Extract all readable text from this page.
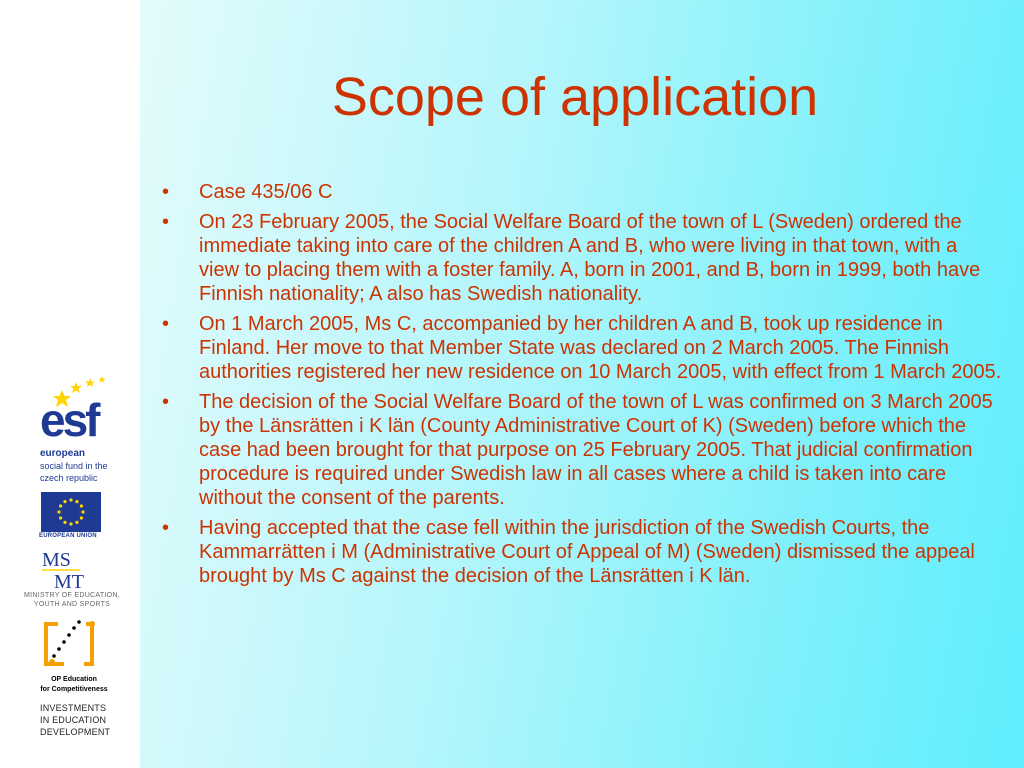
Scope of application
• Case 435/06 C
• On 23 February 2005, the Social Welfare Board of the town of L (Sweden) ordered the immediate taking into care of the children A and B, who were living in that town, with a view to placing them with a foster family. A, born in 2001, and B, born in 1999, both have Finnish nationality; A also has Swedish nationality.
• On 1 March 2005, Ms C, accompanied by her children A and B, took up residence in Finland. Her move to that Member State was declared on 2 March 2005. The Finnish authorities registered her new residence on 10 March 2005, with effect from 1 March 2005.
• The decision of the Social Welfare Board of the town of L was confirmed on 3 March 2005 by the Länsrätten i K län (County Administrative Court of K) (Sweden) before which the case had been brought for that purpose on 25 February 2005. That judicial confirmation procedure is required under Swedish law in all cases where a child is taken into care without the consent of the parents.
• Having accepted that the case fell within the jurisdiction of the Swedish Courts, the Kammarrätten i M (Administrative Court of Appeal of M) (Sweden) dismissed the appeal brought by Ms C against the decision of the Länsrätten i K län.
esf
european
social fund in the
czech republic
EUROPEAN UNION
MS
MT
MINISTRY OF EDUCATION,
YOUTH AND SPORTS
OP Education
for Competitiveness
INVESTMENTS
IN EDUCATION
DEVELOPMENT
